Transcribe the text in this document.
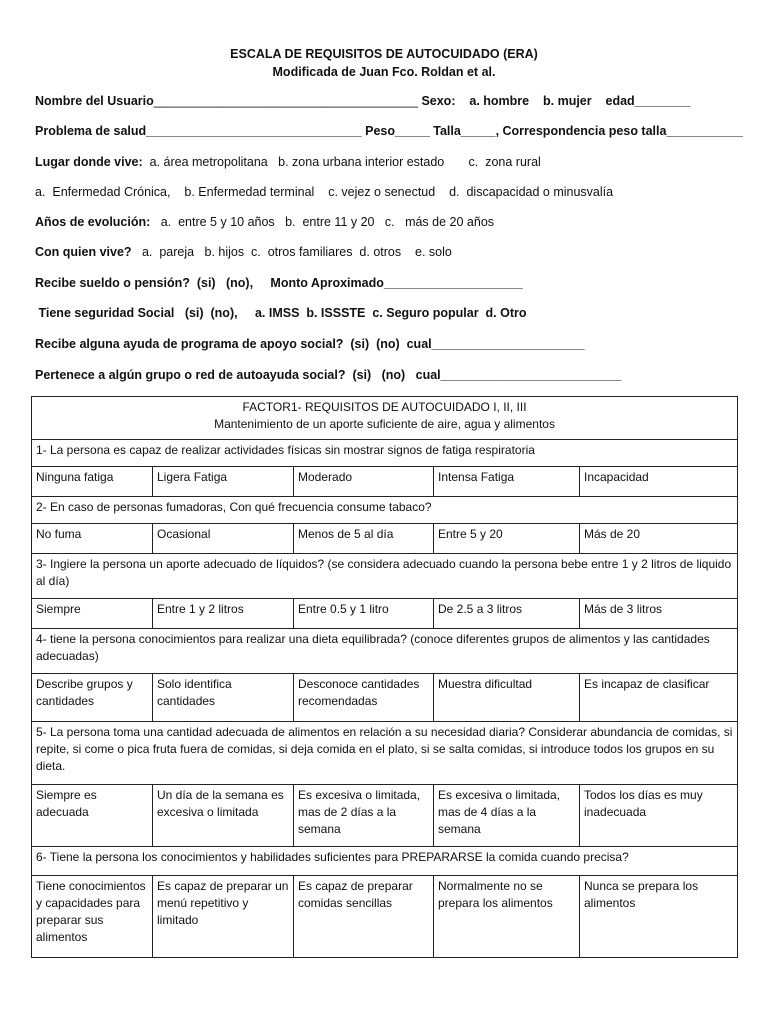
ESCALA DE REQUISITOS DE AUTOCUIDADO (ERA)
Modificada de Juan Fco. Roldan et al.
Nombre del Usuario______________________________________ Sexo:    a. hombre    b. mujer    edad________
Problema de salud_______________________________ Peso_____ Talla_____, Correspondencia peso talla___________
Lugar donde vive:  a. área metropolitana   b. zona urbana interior estado       c.  zona rural
a.  Enfermedad Crónica,    b. Enfermedad terminal    c. vejez o senectud    d.  discapacidad o minusvalía
Años de evolución:   a.  entre 5 y 10 años   b.  entre 11 y 20   c.   más de 20 años
Con quien vive?   a.  pareja   b. hijos  c.  otros familiares  d. otros    e. solo
Recibe sueldo o pensión?  (si)   (no),     Monto Aproximado____________________
Tiene seguridad Social   (si)  (no),     a. IMSS  b. ISSSTE  c. Seguro popular  d. Otro
Recibe alguna ayuda de programa de apoyo social?  (si)  (no)  cual______________________
Pertenece a algún grupo o red de autoayuda social?  (si)   (no)   cual__________________________
FACTOR1- REQUISITOS DE AUTOCUIDADO I, II, III
Mantenimiento de un aporte suficiente de aire, agua y alimentos				

1- La persona es capaz de realizar actividades físicas sin mostrar signos de fatiga respiratoria				
Ninguna fatiga	Ligera Fatiga	Moderado	Intensa Fatiga	Incapacidad
2- En caso de personas fumadoras, Con qué frecuencia consume tabaco?				
No fuma	Ocasional	Menos de 5 al día	Entre 5 y 20	Más de 20
3- Ingiere la persona un aporte adecuado de líquidos? (se considera adecuado cuando la persona bebe entre 1 y 2 litros de liquido al día)				
Siempre	Entre 1 y 2 litros	Entre 0.5 y 1 litro	De 2.5 a 3 litros	Más de 3 litros
4- tiene la persona conocimientos para realizar una dieta equilibrada? (conoce diferentes grupos de alimentos y las cantidades adecuadas)				
Describe grupos y cantidades	Solo identifica cantidades	Desconoce cantidades recomendadas	Muestra dificultad	Es incapaz de clasificar
5- La persona toma una cantidad adecuada de alimentos en relación a su necesidad diaria? Considerar abundancia de comidas, si repite, si come o pica fruta fuera de comidas, si deja comida en el plato, si se salta comidas, si introduce todos los grupos en su dieta.				
Siempre es adecuada	Un día de la semana es excesiva o limitada	Es excesiva o limitada, mas de 2 días a la semana	Es excesiva o limitada, mas de 4 días a la semana	Todos los días es muy inadecuada
6- Tiene la persona los conocimientos y habilidades suficientes para PREPARARSE la comida cuando precisa?				
Tiene conocimientos y capacidades para preparar sus alimentos	Es capaz de preparar un menú repetitivo y limitado	Es capaz de preparar comidas sencillas	Normalmente no se prepara los alimentos	Nunca se prepara los alimentos
